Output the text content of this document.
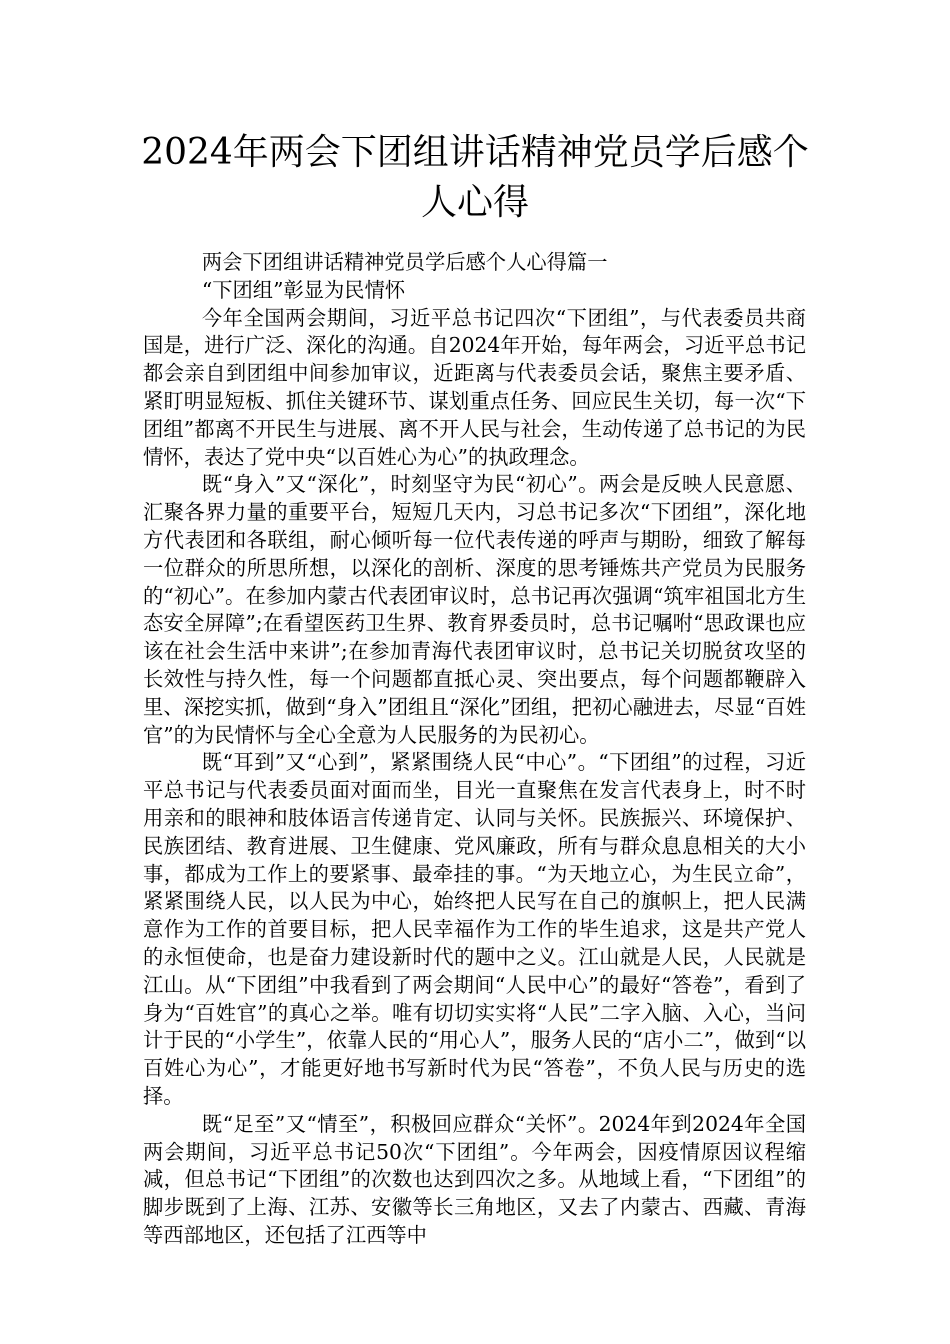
2024年两会下团组讲话精神党员学后感个人心得

两会下团组讲话精神党员学后感个人心得篇一

“下团组”彰显为民情怀

今年全国两会期间，习近平总书记四次“下团组”，与代表委员共商国是，进行广泛、深化的沟通。自2024年开始，每年两会，习近平总书记都会亲自到团组中间参加审议，近距离与代表委员会话，聚焦主要矛盾、紧盯明显短板、抓住关键环节、谋划重点任务、回应民生关切，每一次“下团组”都离不开民生与进展、离不开人民与社会，生动传递了总书记的为民情怀，表达了党中央“以百姓心为心”的执政理念。

既“身入”又“深化”，时刻坚守为民“初心”。两会是反映人民意愿、汇聚各界力量的重要平台，短短几天内，习总书记多次“下团组”，深化地方代表团和各联组，耐心倾听每一位代表传递的呼声与期盼，细致了解每一位群众的所思所想，以深化的剖析、深度的思考锤炼共产党员为民服务的“初心”。在参加内蒙古代表团审议时，总书记再次强调“筑牢祖国北方生态安全屏障”;在看望医药卫生界、教育界委员时，总书记嘱咐“思政课也应该在社会生活中来讲”;在参加青海代表团审议时，总书记关切脱贫攻坚的长效性与持久性，每一个问题都直抵心灵、突出要点，每个问题都鞭辟入里、深挖实抓，做到“身入”团组且“深化”团组，把初心融进去，尽显“百姓官”的为民情怀与全心全意为人民服务的为民初心。

既“耳到”又“心到”，紧紧围绕人民“中心”。“下团组”的过程，习近平总书记与代表委员面对面而坐，目光一直聚焦在发言代表身上，时不时用亲和的眼神和肢体语言传递肯定、认同与关怀。民族振兴、环境保护、民族团结、教育进展、卫生健康、党风廉政，所有与群众息息相关的大小事，都成为工作上的要紧事、最牵挂的事。“为天地立心，为生民立命”，紧紧围绕人民，以人民为中心，始终把人民写在自己的旗帜上，把人民满意作为工作的首要目标，把人民幸福作为工作的毕生追求，这是共产党人的永恒使命，也是奋力建设新时代的题中之义。江山就是人民，人民就是江山。从“下团组”中我看到了两会期间“人民中心”的最好“答卷”，看到了身为“百姓官”的真心之举。唯有切切实实将“人民”二字入脑、入心，当问计于民的“小学生”，依靠人民的“用心人”，服务人民的“店小二”，做到“以百姓心为心”，才能更好地书写新时代为民“答卷”，不负人民与历史的选择。

既“足至”又“情至”，积极回应群众“关怀”。2024年到2024年全国两会期间，习近平总书记50次“下团组”。今年两会，因疫情原因议程缩减，但总书记“下团组”的次数也达到四次之多。从地域上看，“下团组”的脚步既到了上海、江苏、安徽等长三角地区，又去了内蒙古、西藏、青海等西部地区，还包括了江西等中
